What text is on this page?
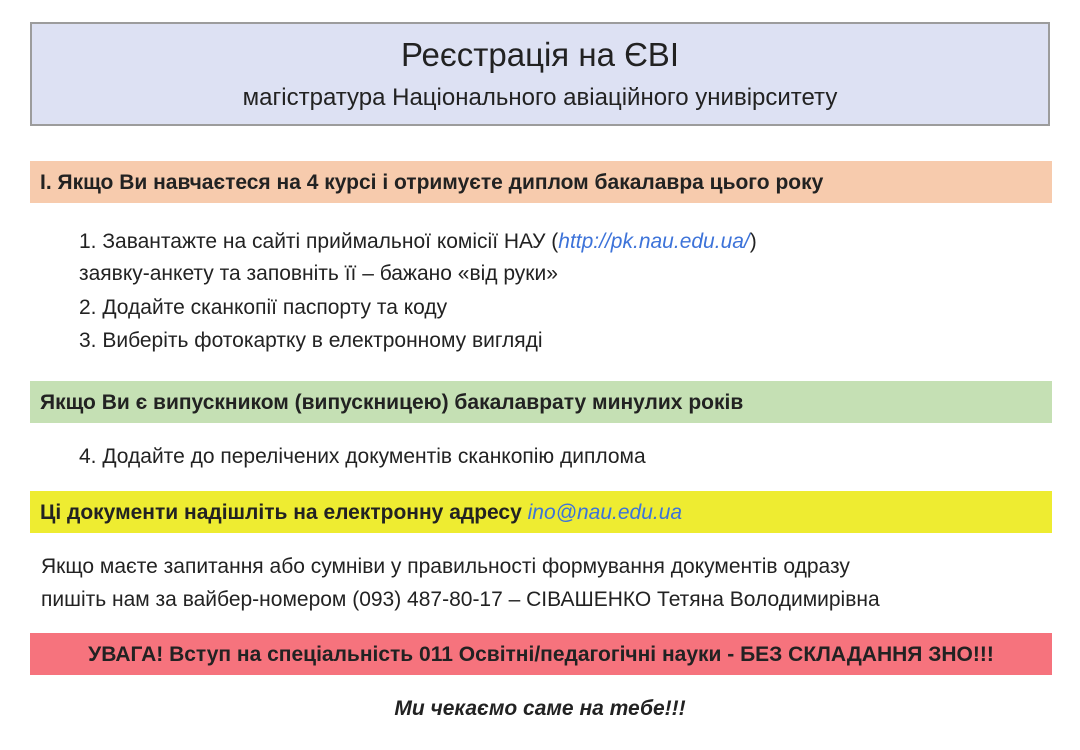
Реєстрація на ЄВІ
магістратура Національного авіаційного унивірситету
І. Якщо Ви навчаєтеся на 4 курсі і отримуєте диплом бакалавра цього року
1. Завантажте на сайті приймальної комісії НАУ (http://pk.nau.edu.ua/)
заявку-анкету та заповніть її – бажано «від руки»
2. Додайте сканкопії паспорту та коду
3. Виберіть фотокартку в електронному вигляді
Якщо Ви є випускником (випускницею) бакалаврату минулих років
4. Додайте до перелічених документів сканкопію диплома
Ці документи надішліть на електронну адресу ino@nau.edu.ua
Якщо маєте запитання або сумніви у правильності формування документів одразу
пишіть нам за вайбер-номером (093) 487-80-17 – СІВАШЕНКО Тетяна Володимирівна
УВАГА! Вступ на спеціальність 011 Освітні/педагогічні науки - БЕЗ СКЛАДАННЯ ЗНО!!!
Ми чекаємо саме на тебе!!!
